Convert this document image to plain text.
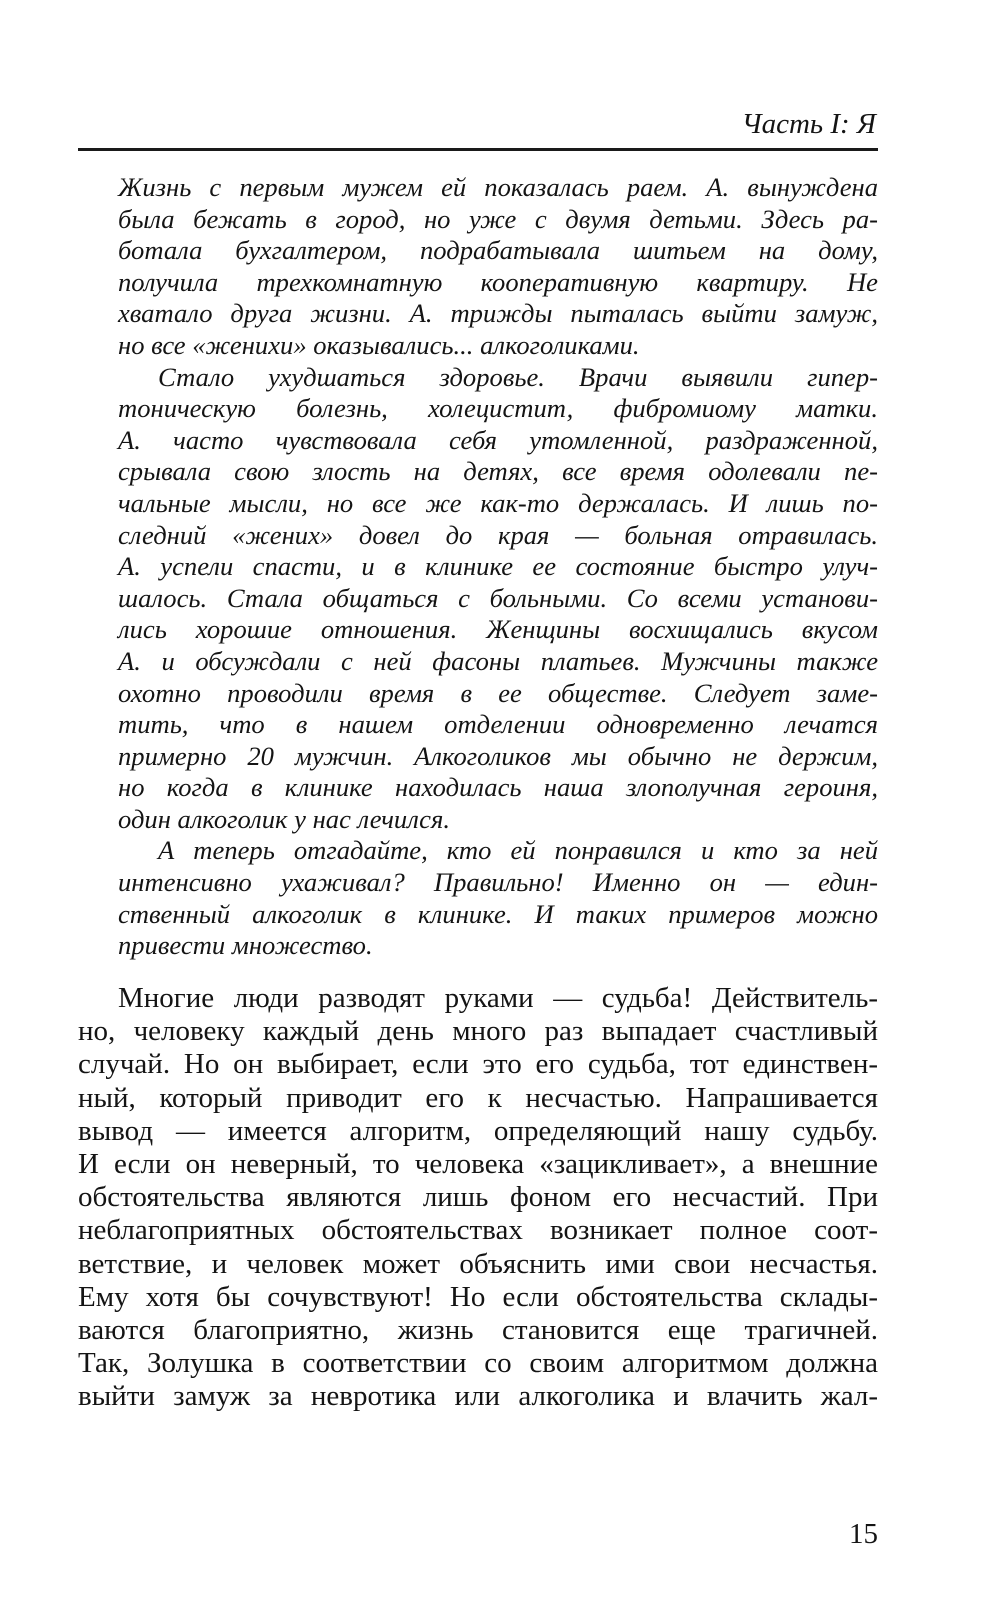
Часть I: Я
Жизнь с первым мужем ей показалась раем. А. вынуждена
была бежать в город, но уже с двумя детьми. Здесь ра-
ботала бухгалтером, подрабатывала шитьем на дому,
получила трехкомнатную кооперативную квартиру. Не
хватало друга жизни. А. трижды пыталась выйти замуж,
но все «женихи» оказывались... алкоголиками.
Стало ухудшаться здоровье. Врачи выявили гипер-
тоническую болезнь, холецистит, фибромиому матки.
А. часто чувствовала себя утомленной, раздраженной,
срывала свою злость на детях, все время одолевали пе-
чальные мысли, но все же как-то держалась. И лишь по-
следний «жених» довел до края — больная отравилась.
А. успели спасти, и в клинике ее состояние быстро улуч-
шалось. Стала общаться с больными. Со всеми установи-
лись хорошие отношения. Женщины восхищались вкусом
А. и обсуждали с ней фасоны платьев. Мужчины также
охотно проводили время в ее обществе. Следует заме-
тить, что в нашем отделении одновременно лечатся
примерно 20 мужчин. Алкоголиков мы обычно не держим,
но когда в клинике находилась наша злополучная героиня,
один алкоголик у нас лечился.
А теперь отгадайте, кто ей понравился и кто за ней
интенсивно ухаживал? Правильно! Именно он — един-
ственный алкоголик в клинике. И таких примеров можно
привести множество.
Многие люди разводят руками — судьба! Действитель-
но, человеку каждый день много раз выпадает счастливый
случай. Но он выбирает, если это его судьба, тот единствен-
ный, который приводит его к несчастью. Напрашивается
вывод — имеется алгоритм, определяющий нашу судьбу.
И если он неверный, то человека «зацикливает», а внешние
обстоятельства являются лишь фоном его несчастий. При
неблагоприятных обстоятельствах возникает полное соот-
ветствие, и человек может объяснить ими свои несчастья.
Ему хотя бы сочувствуют! Но если обстоятельства склады-
ваются благоприятно, жизнь становится еще трагичней.
Так, Золушка в соответствии со своим алгоритмом должна
выйти замуж за невротика или алкоголика и влачить жал-
15
